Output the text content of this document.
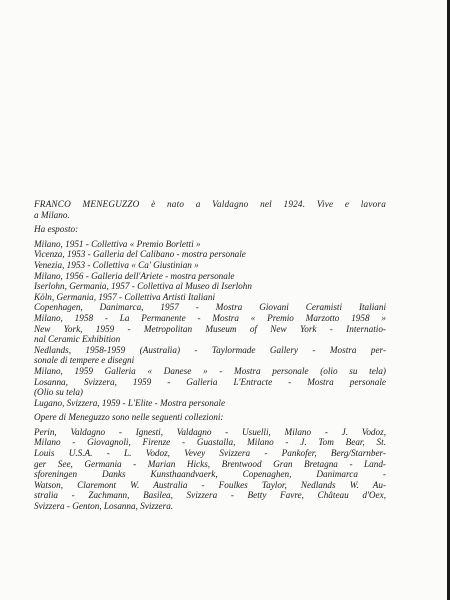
FRANCO MENEGUZZO è nato a Valdagno nel 1924. Vive e lavora
a Milano.
Ha esposto:
Milano, 1951 - Collettiva « Premio Borletti »
Vicenza, 1953 - Galleria del Calibano - mostra personale
Venezia, 1953 - Collettiva « Ca' Giustinian »
Milano, 1956 - Galleria dell'Ariete - mostra personale
Iserlohn, Germania, 1957 - Collettiva al Museo di Iserlohn
Köln, Germania, 1957 - Collettiva Artisti Italiani
Copenhagen, Danimarca, 1957 - Mostra Giovani Ceramisti Italiani
Milano, 1958 - La Permanente - Mostra « Premio Marzotto 1958 »
New York, 1959 - Metropolitan Museum of New York - Internatio-
nal Ceramic Exhibition
Nedlands, 1958-1959 (Australia) - Taylormade Gallery - Mostra per-
sonale di tempere e disegni
Milano, 1959 Galleria « Danese » - Mostra personale (olio su tela)
Losanna, Svizzera, 1959 - Galleria L'Entracte - Mostra personale
(Olio su tela)
Lugano, Svizzera, 1959 - L'Elite - Mostra personale
Opere di Meneguzzo sono nelle seguenti collezioni:
Perin, Valdagno - Ignesti, Valdagno - Usuelli, Milano - J. Vodoz,
Milano - Giovagnoli, Firenze - Guastalla, Milano - J. Tom Bear, St.
Louis U.S.A. - L. Vodoz, Vevey Svizzera - Pankofer, Berg/Starnber-
ger See, Germania - Marian Hicks, Brentwood Gran Bretagna - Land-
sforeningen Danks Kunsthaandvaerk, Copenaghen, Danimarca -
Watson, Claremont W. Australia - Foulkes Taylor, Nedlands W. Au-
stralia - Zachmann, Basilea, Svizzera - Betty Favre, Château d'Oex,
Svizzera - Genton, Losanna, Svizzera.
